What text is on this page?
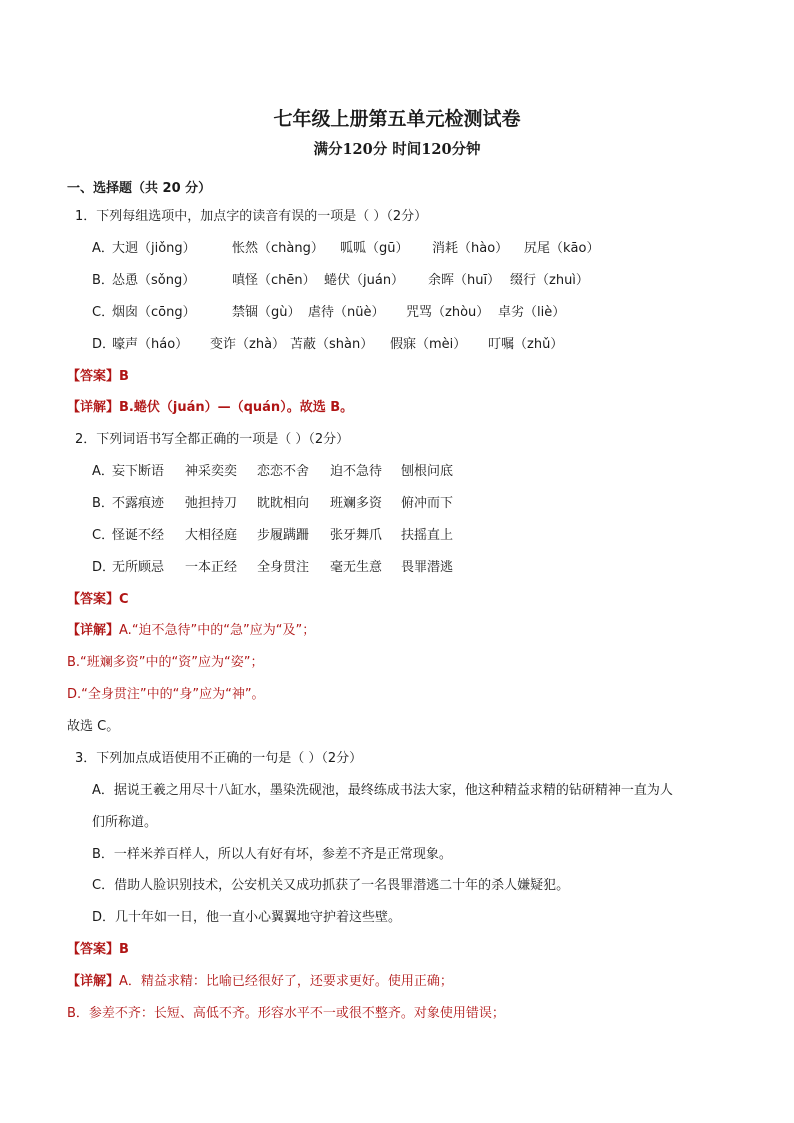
七年级上册第五单元检测试卷
满分120分 时间120分钟
一、选择题（共 20 分）
1．下列每组选项中，加点字的读音有误的一项是（ ）（2分）
A．
大迥（jiǒng）	怅然（chàng）	呱呱（gū）	消耗（hào）	尻尾（kāo）
B．
怂恿（sǒng）	嗔怪（chēn） 蜷伏（juán）	余晖（huī） 缀行（zhuì）
C．
烟囱（cōng）	禁锢（gù） 虐待（nüè）	咒骂（zhòu） 卓劣（liè）
D．
嚎声（háo）	变诈（zhà） 苫蔽（shàn）	假寐（mèi）	叮嘱（zhǔ）
【答案】B
【详解】B.蜷伏（juán）—（quán）。故选 B。
2．下列词语书写全都正确的一项是（ ）（2分）
A．
妄下断语	神采奕奕	恋恋不舍	迫不急待	刨根问底
B．
不露痕迹	弛担持刀	眈眈相向	班斓多资	俯冲而下
C．
怪诞不经	大相径庭	步履蹒跚	张牙舞爪	扶摇直上
D．
无所顾忌	一本正经	全身贯注	毫无生意	畏罪潜逃
【答案】C
【详解】A.“迫不急待”中的“急”应为“及”；
B.“班斓多资”中的“资”应为“姿”；
D.“全身贯注”中的“身”应为“神”。
故选 C。
3．下列加点成语使用不正确的一句是（ ）（2分）
A．据说王羲之用尽十八缸水，墨染洗砚池，最终练成书法大家，他这种精益求精的钻研精神一直为人
们所称道。
B．一样米养百样人，所以人有好有坏，参差不齐是正常现象。
C．借助人脸识别技术，公安机关又成功抓获了一名畏罪潜逃二十年的杀人嫌疑犯。
D．几十年如一日，他一直小心翼翼地守护着这些壁。
【答案】B
【详解】A．精益求精：比喻已经很好了，还要求更好。使用正确；
B．参差不齐：长短、高低不齐。形容水平不一或很不整齐。对象使用错误；
